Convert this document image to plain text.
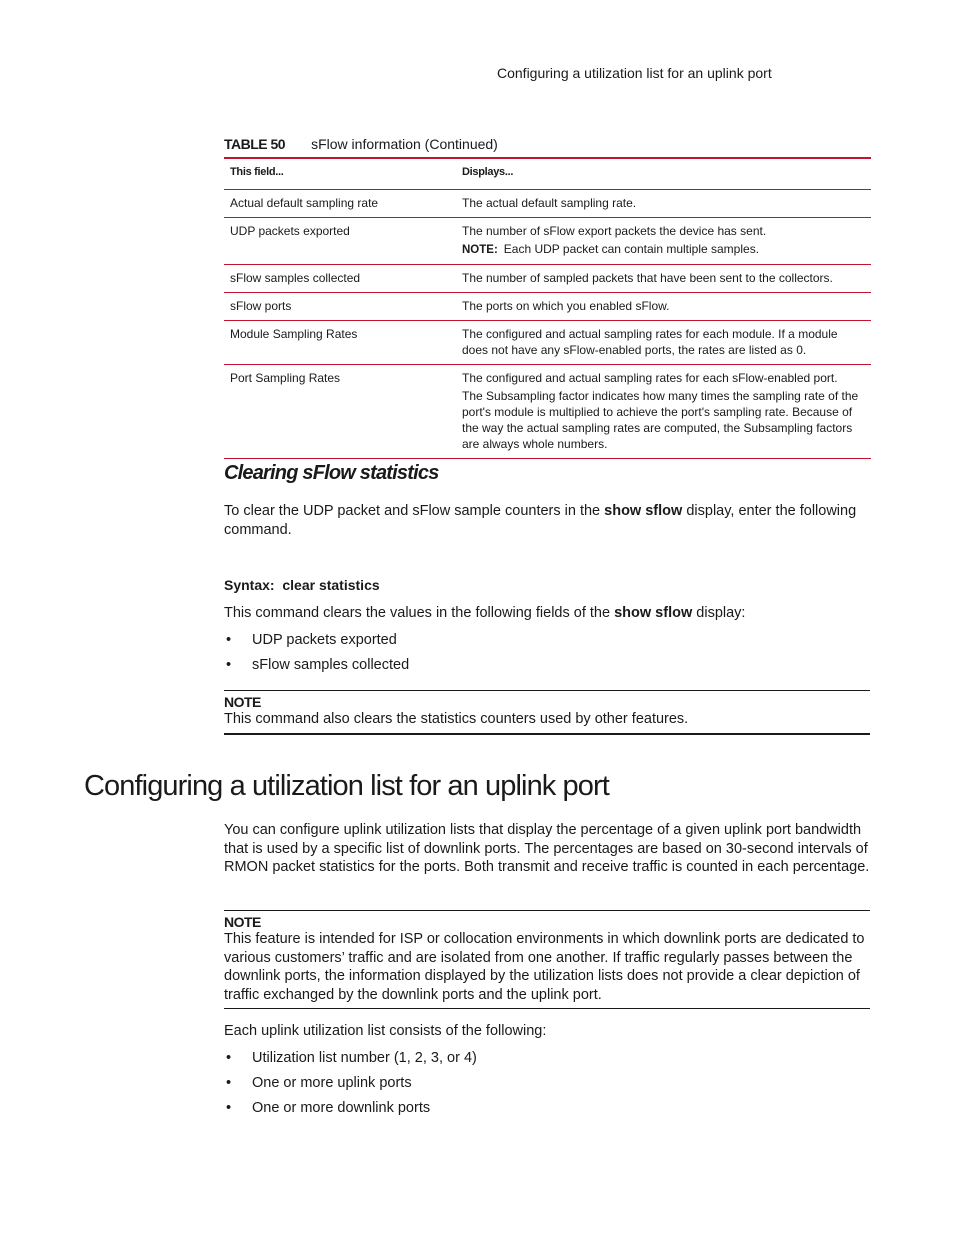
Configuring a utilization list for an uplink port
TABLE 50 sFlow information (Continued)
This field...	Displays...
Actual default sampling rate	The actual default sampling rate.

UDP packets exported	The number of sFlow export packets the device has sent.

NOTE: Each UDP packet can contain multiple samples.

sFlow samples collected	The number of sampled packets that have been sent to the collectors.

sFlow ports	The ports on which you enabled sFlow.

Module Sampling Rates	The configured and actual sampling rates for each module. If a module does not have any sFlow-enabled ports, the rates are listed as 0.

Port Sampling Rates	The configured and actual sampling rates for each sFlow-enabled port.

The Subsampling factor indicates how many times the sampling rate of the port's module is multiplied to achieve the port's sampling rate. Because of the way the actual sampling rates are computed, the Subsampling factors are always whole numbers.

Clearing sFlow statistics

To clear the UDP packet and sFlow sample counters in the show sflow display, enter the following command.

Syntax: clear statistics

This command clears the values in the following fields of the show sflow display:

• UDP packets exported
• sFlow samples collected
NOTE
This command also clears the statistics counters used by other features.
Configuring a utilization list for an uplink port

You can configure uplink utilization lists that display the percentage of a given uplink port bandwidth that is used by a specific list of downlink ports. The percentages are based on 30-second intervals of RMON packet statistics for the ports. Both transmit and receive traffic is counted in each percentage.

NOTE
This feature is intended for ISP or collocation environments in which downlink ports are dedicated to various customers’ traffic and are isolated from one another. If traffic regularly passes between the downlink ports, the information displayed by the utilization lists does not provide a clear depiction of traffic exchanged by the downlink ports and the uplink port.

Each uplink utilization list consists of the following:

• Utilization list number (1, 2, 3, or 4)
• One or more uplink ports
• One or more downlink ports
